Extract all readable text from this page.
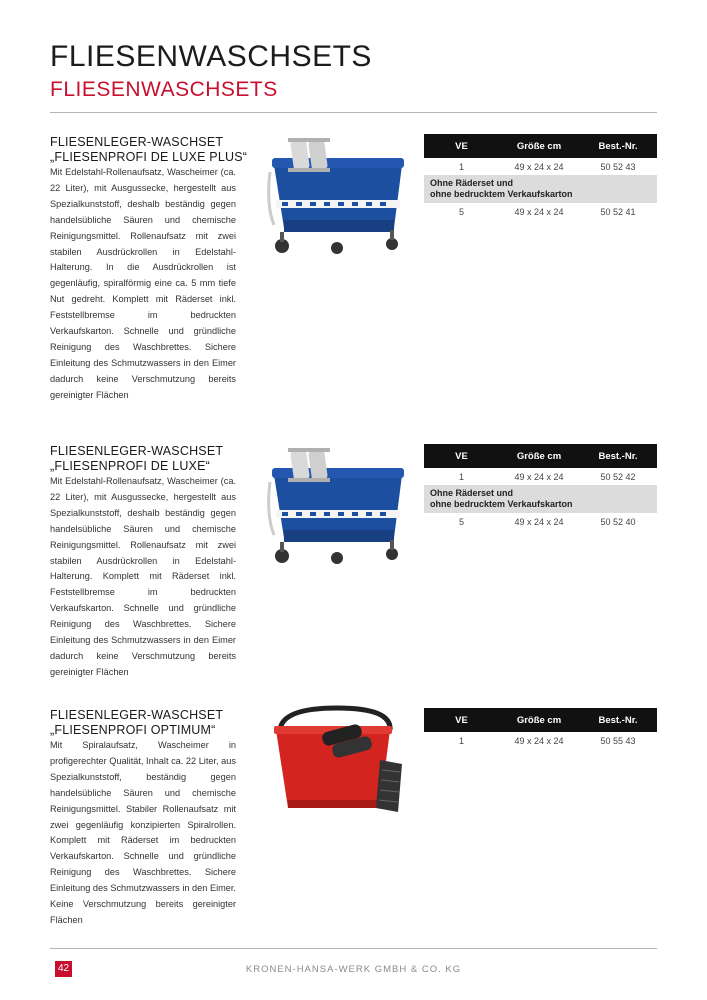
FLIESENWASCHSETS
FLIESENWASCHSETS
FLIESENLEGER-WASCHSET
„FLIESENPROFI DE LUXE PLUS“
Mit Edelstahl-Rollenaufsatz, Wascheimer (ca. 22 Liter), mit Ausgussecke, hergestellt aus Spezialkunststoff, deshalb beständig gegen handelsübliche Säuren und chemische Reinigungsmittel. Rollenaufsatz mit zwei stabilen Ausdrückrollen in Edelstahl-Halterung. In die Ausdrückrollen ist gegenläufig, spiralförmig eine ca. 5 mm tiefe Nut gedreht. Komplett mit Räderset inkl. Feststellbremse im bedruckten Verkaufskarton. Schnelle und gründliche Reinigung des Waschbrettes. Sichere Einleitung des Schmutzwassers in den Eimer dadurch keine Verschmutzung bereits gereinigter Flächen
VE	Größe cm	Best.-Nr.
1	49 x 24 x 24	50 52 43
Ohne Räderset und
ohne bedrucktem Verkaufskarton
5	49 x 24 x 24	50 52 41
FLIESENLEGER-WASCHSET
„FLIESENPROFI DE LUXE“
Mit Edelstahl-Rollenaufsatz, Wascheimer (ca. 22 Liter), mit Ausgussecke, hergestellt aus Spezialkunststoff, deshalb beständig gegen handelsübliche Säuren und chemische Reinigungsmittel. Rollenaufsatz mit zwei stabilen Ausdrückrollen in Edelstahl-Halterung. Komplett mit Räderset inkl. Feststellbremse im bedruckten Verkaufskarton. Schnelle und gründliche Reinigung des Waschbrettes. Sichere Einleitung des Schmutzwassers in den Eimer dadurch keine Verschmutzung bereits gereinigter Flächen
VE	Größe cm	Best.-Nr.
1	49 x 24 x 24	50 52 42
Ohne Räderset und
ohne bedrucktem Verkaufskarton
5	49 x 24 x 24	50 52 40
FLIESENLEGER-WASCHSET
„FLIESENPROFI OPTIMUM“
Mit Spiralaufsatz, Wascheimer in profigerechter Qualität, Inhalt ca. 22 Liter, aus Spezialkunststoff, beständig gegen handelsübliche Säuren und chemische Reinigungsmittel. Stabiler Rollenaufsatz mit zwei gegenläufig konzipierten Spiralrollen. Komplett mit Räderset im bedruckten Verkaufskarton. Schnelle und gründliche Reinigung des Waschbrettes. Sichere Einleitung des Schmutzwassers in den Eimer. Keine Verschmutzung bereits gereinigter Flächen
VE	Größe cm	Best.-Nr.
1	49 x 24 x 24	50 55 43
42	KRONEN-HANSA-WERK GMBH & CO. KG
